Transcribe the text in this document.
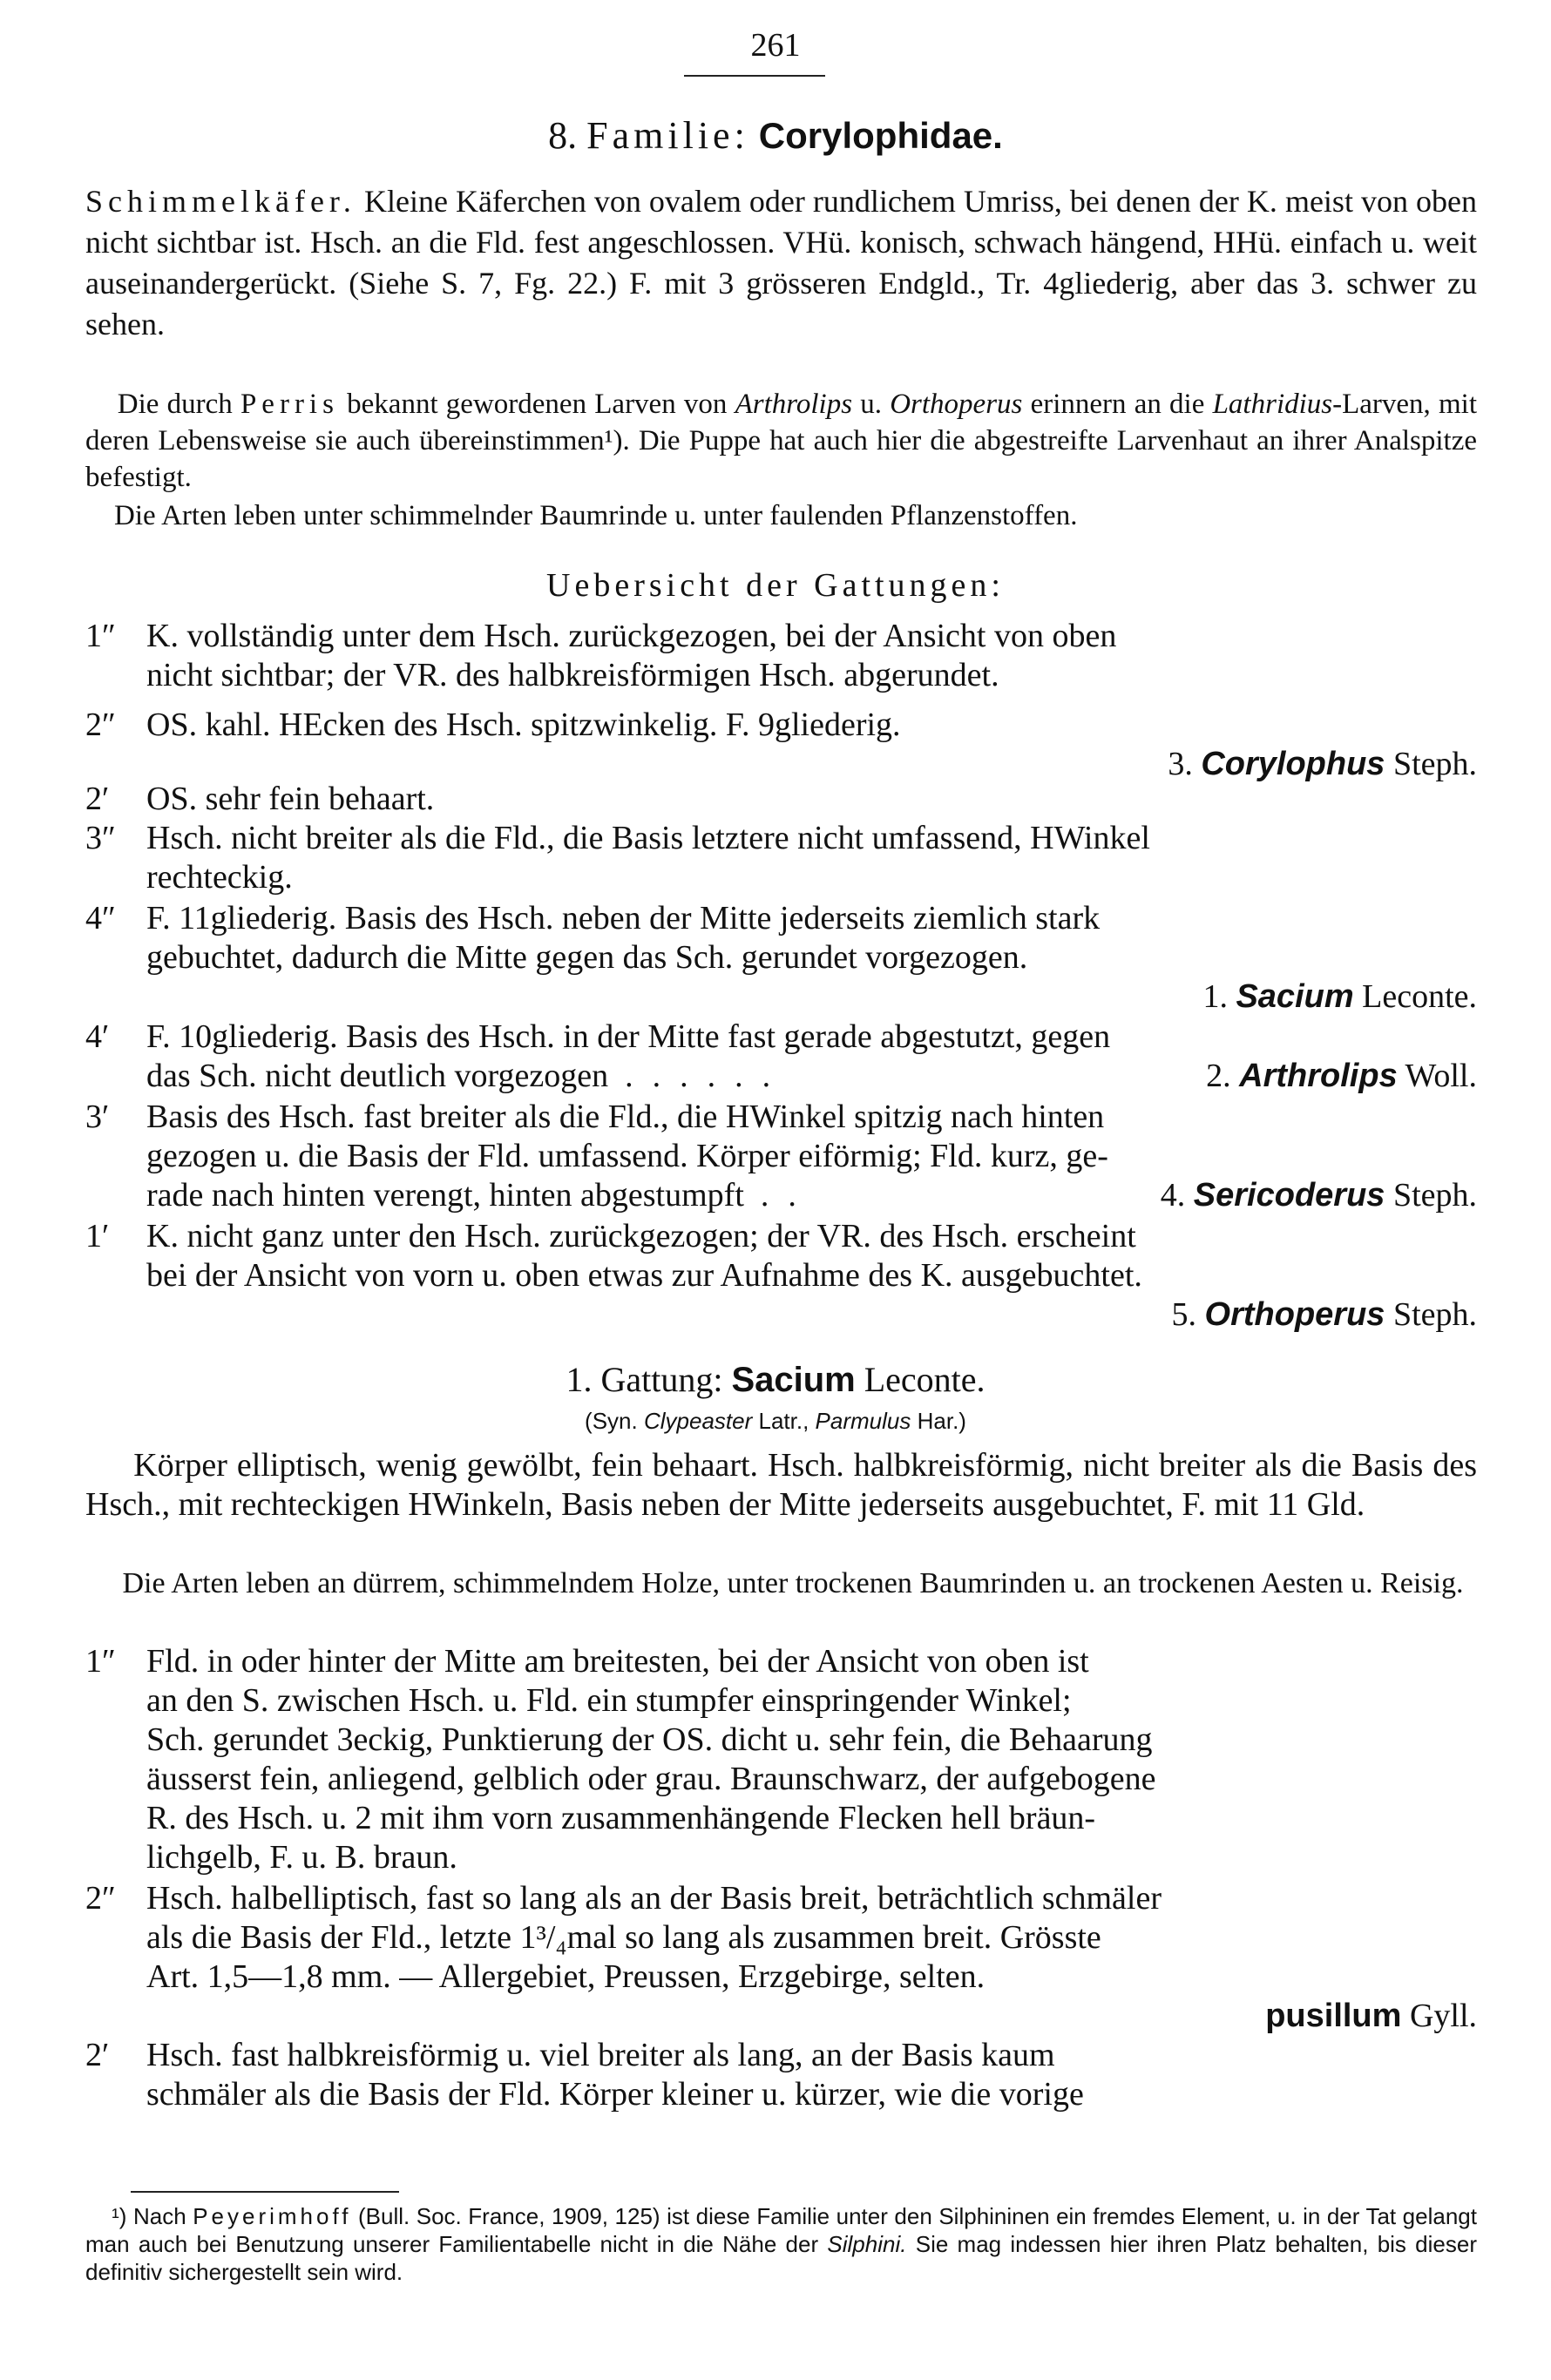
261
8. Familie: Corylophidae.
Schimmelkäfer. Kleine Käferchen von ovalem oder rundlichem Umriss, bei denen der K. meist von oben nicht sichtbar ist. Hsch. an die Fld. fest angeschlossen. VHü. konisch, schwach hängend, HHü. einfach u. weit auseinandergerückt. (Siehe S. 7, Fg. 22.) F. mit 3 grösseren Endgld., Tr. 4gliederig, aber das 3. schwer zu sehen.
Die durch Perris bekannt gewordenen Larven von Arthrolips u. Orthoperus erinnern an die Lathridius-Larven, mit deren Lebensweise sie auch übereinstimmen¹). Die Puppe hat auch hier die abgestreifte Larvenhaut an ihrer Analspitze befestigt.
Die Arten leben unter schimmelnder Baumrinde u. unter faulenden Pflanzenstoffen.
Uebersicht der Gattungen:
1″ K. vollständig unter dem Hsch. zurückgezogen, bei der Ansicht von oben
nicht sichtbar; der VR. des halbkreisförmigen Hsch. abgerundet.
2″ OS. kahl. HEcken des Hsch. spitzwinkelig. F. 9gliederig.
3. Corylophus Steph.
2′ OS. sehr fein behaart.
3″ Hsch. nicht breiter als die Fld., die Basis letztere nicht umfassend, HWinkel
rechteckig.
4″ F. 11gliederig. Basis des Hsch. neben der Mitte jederseits ziemlich stark
gebuchtet, dadurch die Mitte gegen das Sch. gerundet vorgezogen.
1. Sacium Leconte.
4′ F. 10gliederig. Basis des Hsch. in der Mitte fast gerade abgestutzt, gegen
das Sch. nicht deutlich vorgezogen ......	2. Arthrolips Woll.
3′ Basis des Hsch. fast breiter als die Fld., die HWinkel spitzig nach hinten
gezogen u. die Basis der Fld. umfassend. Körper eiförmig; Fld. kurz, ge-
rade nach hinten verengt, hinten abgestumpft ..	4. Sericoderus Steph.
1′ K. nicht ganz unter den Hsch. zurückgezogen; der VR. des Hsch. erscheint
bei der Ansicht von vorn u. oben etwas zur Aufnahme des K. ausgebuchtet.
5. Orthoperus Steph.
1. Gattung: Sacium Leconte.
(Syn. Clypeaster Latr., Parmulus Har.)
Körper elliptisch, wenig gewölbt, fein behaart. Hsch. halbkreisförmig, nicht breiter als die Basis des Hsch., mit rechteckigen HWinkeln, Basis neben der Mitte jederseits ausgebuchtet, F. mit 11 Gld.
Die Arten leben an dürrem, schimmelndem Holze, unter trockenen Baumrinden u. an trockenen Aesten u. Reisig.
1″ Fld. in oder hinter der Mitte am breitesten, bei der Ansicht von oben ist
an den S. zwischen Hsch. u. Fld. ein stumpfer einspringender Winkel;
Sch. gerundet 3eckig, Punktierung der OS. dicht u. sehr fein, die Behaarung
äusserst fein, anliegend, gelblich oder grau. Braunschwarz, der aufgebogene
R. des Hsch. u. 2 mit ihm vorn zusammenhängende Flecken hell bräun-
lichgelb, F. u. B. braun.
2″ Hsch. halbelliptisch, fast so lang als an der Basis breit, beträchtlich schmäler
als die Basis der Fld., letzte 1³/₄mal so lang als zusammen breit. Grösste
Art. 1,5—1,8 mm. — Allergebiet, Preussen, Erzgebirge, selten.
pusillum Gyll.
2′ Hsch. fast halbkreisförmig u. viel breiter als lang, an der Basis kaum
schmäler als die Basis der Fld. Körper kleiner u. kürzer, wie die vorige
¹) Nach Peyerimhoff (Bull. Soc. France, 1909, 125) ist diese Familie unter den Silphininen ein fremdes Element, u. in der Tat gelangt man auch bei Benutzung unserer Familientabelle nicht in die Nähe der Silphini. Sie mag indessen hier ihren Platz behalten, bis dieser definitiv sichergestellt sein wird.
